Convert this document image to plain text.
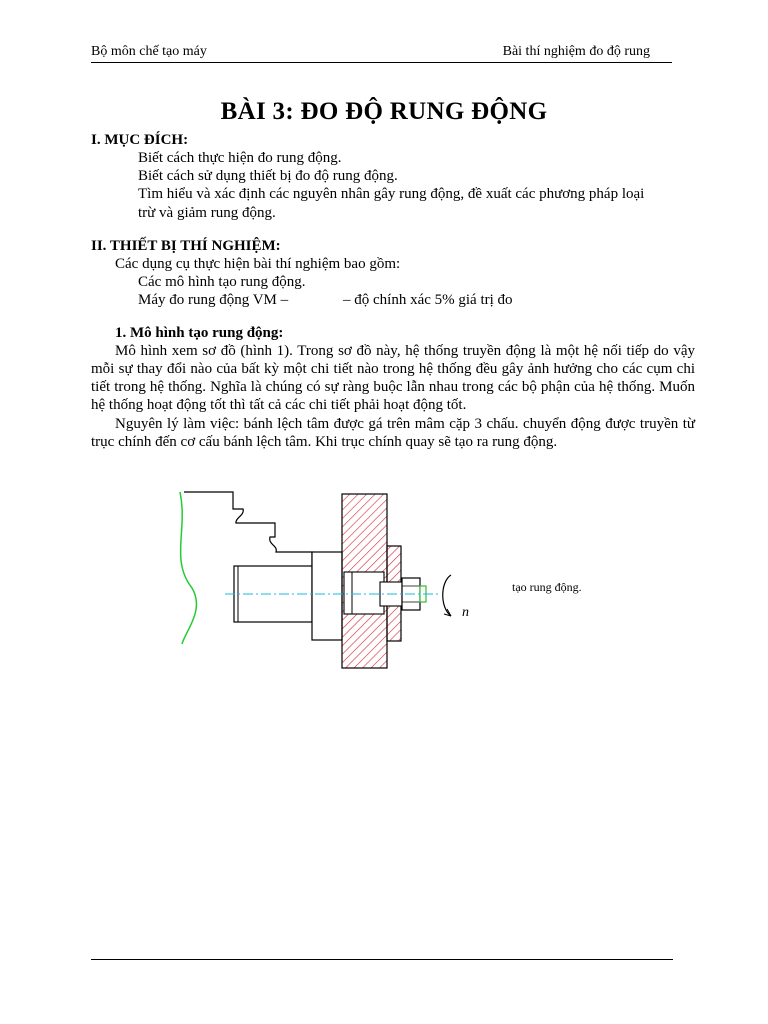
Bộ môn chế tạo máy	Bài thí nghiệm đo độ rung
BÀI 3: ĐO ĐỘ RUNG ĐỘNG
I. MỤC ĐÍCH:
Biết cách thực hiện đo rung động.
Biết cách sử dụng thiết bị đo độ rung động.
Tìm hiểu và xác định các nguyên nhân gây rung động, đề xuất các phương pháp loại
trừ và giảm rung động.
II. THIẾT BỊ THÍ NGHIỆM:
Các dụng cụ thực hiện bài thí nghiệm bao gồm:
Các mô hình tạo rung động.
Máy đo rung động VM –	– độ chính xác 5% giá trị đo
1. Mô hình tạo rung động:
Mô hình xem sơ đồ (hình 1). Trong sơ đồ này, hệ thống truyền động là một hệ nối tiếp do vậy mỗi sự thay đổi nào của bất kỳ một chi tiết nào trong hệ thống đều gây ảnh hưởng cho các cụm chi tiết trong hệ thống. Nghĩa là chúng có sự ràng buộc lẫn nhau trong các bộ phận của hệ thống. Muốn hệ thống hoạt động tốt thì tất cả các chi tiết phải hoạt động tốt.
Nguyên lý làm việc: bánh lệch tâm được gá trên mâm cặp 3 chấu. chuyển động được truyền từ trục chính đến cơ cấu bánh lệch tâm. Khi trục chính quay sẽ tạo ra rung động.
n
tạo rung động.
